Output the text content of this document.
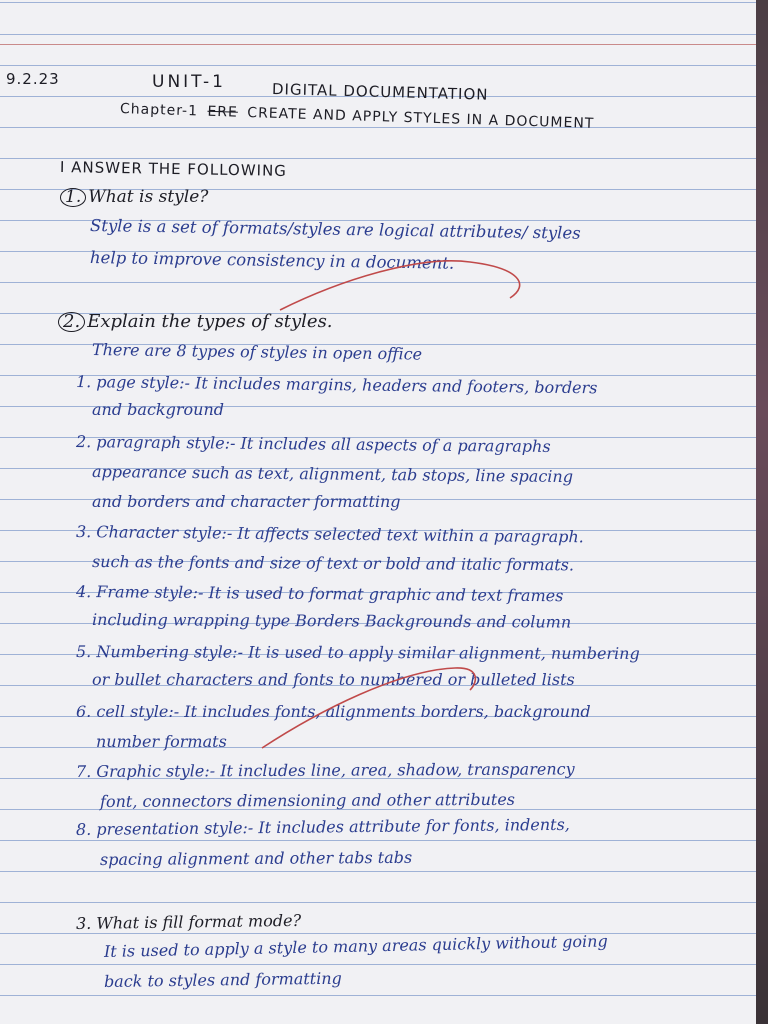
9.2.23	UNIT-1	DIGITAL DOCUMENTATION
Chapter-1 ERE CREATE AND APPLY STYLES IN A DOCUMENT
I ANSWER THE FOLLOWING
1. What is style?
Style is a set of formats/styles are logical attributes/ styles
help to improve consistency in a document.
2. Explain the types of styles.
There are 8 types of styles in open office
1. page style:- It includes margins, headers and footers, borders
and background
2. paragraph style:- It includes all aspects of a paragraphs
appearance such as text, alignment, tab stops, line spacing
and borders and character formatting
3. Character style:- It affects selected text within a paragraph.
such as the fonts and size of text or bold and italic formats.
4. Frame style:- It is used to format graphic and text frames
including wrapping type Borders Backgrounds and column
5. Numbering style:- It is used to apply similar alignment, numbering
or bullet characters and fonts to numbered or bulleted lists
6. cell style:- It includes fonts, alignments borders, background
number formats
7. Graphic style:- It includes line, area, shadow, transparency
font, connectors dimensioning and other attributes
8. presentation style:- It includes attribute for fonts, indents,
spacing alignment and other tabs tabs
3. What is fill format mode?
It is used to apply a style to many areas quickly without going
back to styles and formatting
